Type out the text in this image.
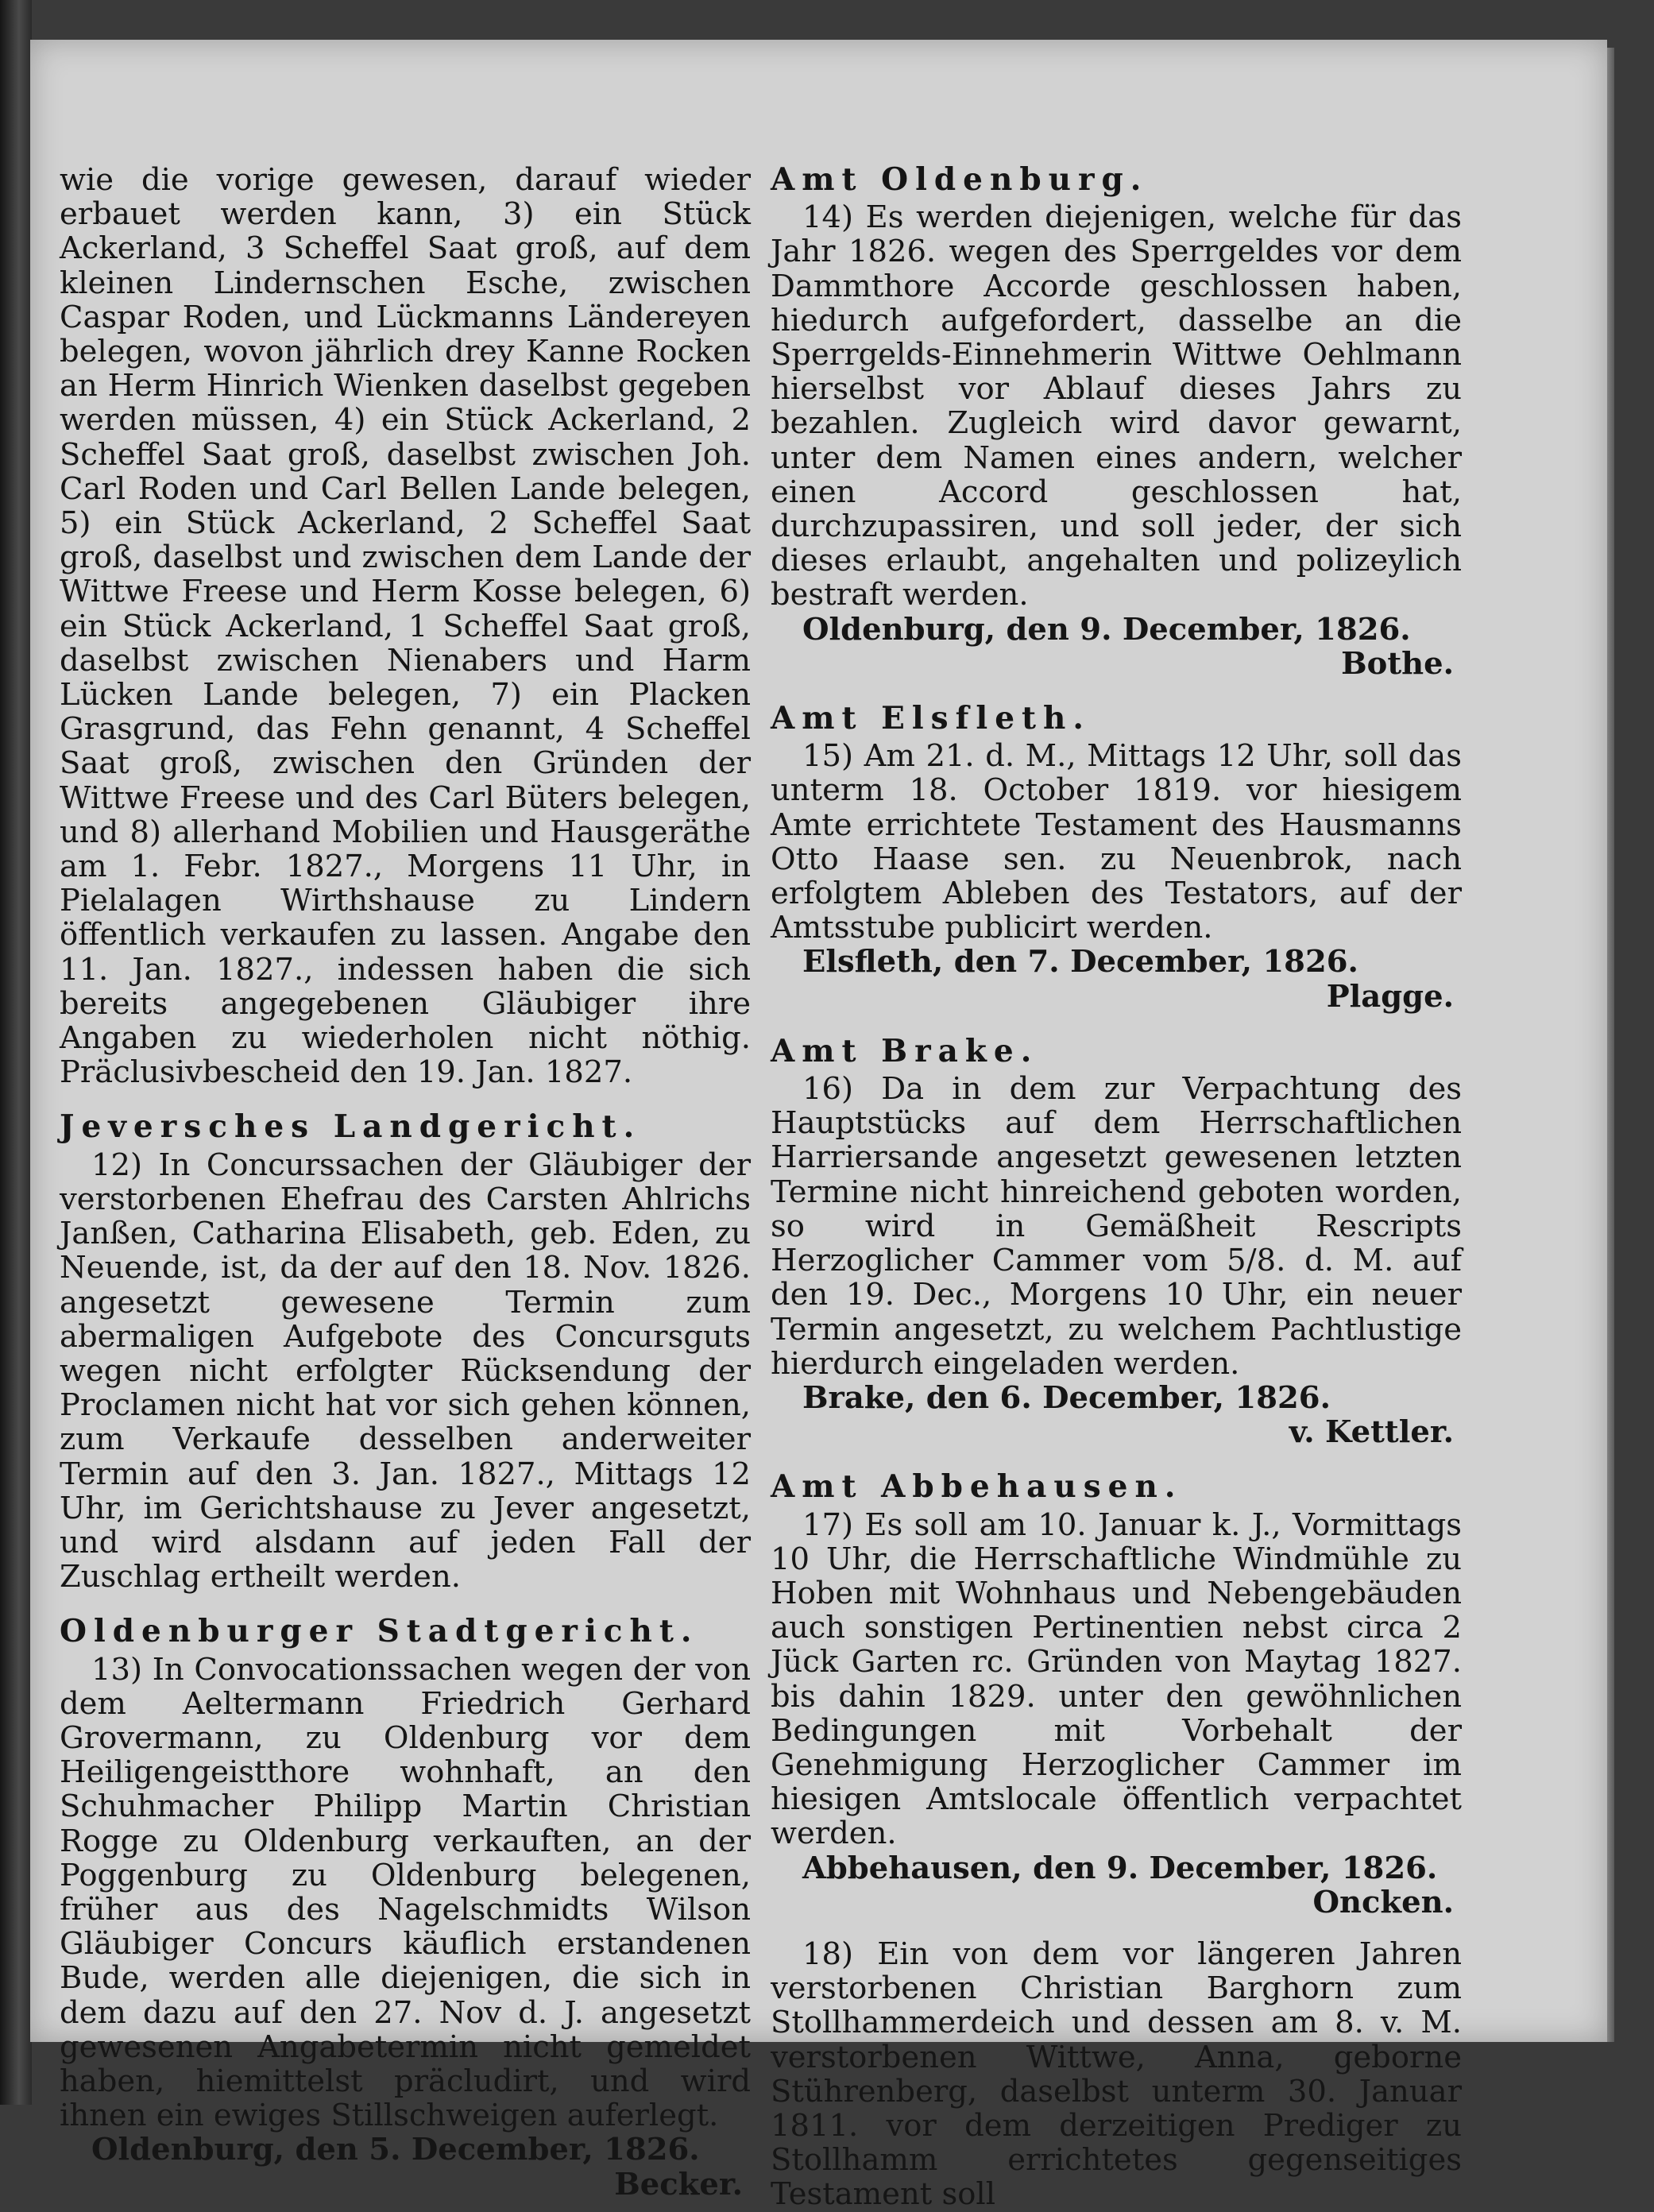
wie die vorige gewesen, darauf wieder erbauet werden kann, 3) ein Stück Ackerland, 3 Scheffel Saat groß, auf dem kleinen Lindernschen Esche, zwischen Caspar Roden, und Lückmanns Ländereyen belegen, wovon jährlich drey Kanne Rocken an Herm Hinrich Wienken daselbst gegeben werden müssen, 4) ein Stück Ackerland, 2 Scheffel Saat groß, daselbst zwischen Joh. Carl Roden und Carl Bellen Lande belegen, 5) ein Stück Ackerland, 2 Scheffel Saat groß, daselbst und zwischen dem Lande der Wittwe Freese und Herm Kosse belegen, 6) ein Stück Ackerland, 1 Scheffel Saat groß, daselbst zwischen Nienabers und Harm Lücken Lande belegen, 7) ein Placken Grasgrund, das Fehn genannt, 4 Scheffel Saat groß, zwischen den Gründen der Wittwe Freese und des Carl Büters belegen, und 8) allerhand Mobilien und Hausgeräthe am 1. Febr. 1827., Morgens 11 Uhr, in Pielalagen Wirthshause zu Lindern öffentlich verkaufen zu lassen. Angabe den 11. Jan. 1827., indessen haben die sich bereits angegebenen Gläubiger ihre Angaben zu wiederholen nicht nöthig. Präclusivbescheid den 19. Jan. 1827.

Jeversches Landgericht.

12) In Concurssachen der Gläubiger der verstorbenen Ehefrau des Carsten Ahlrichs Janßen, Catharina Elisabeth, geb. Eden, zu Neuende, ist, da der auf den 18. Nov. 1826. angesetzt gewesene Termin zum abermaligen Aufgebote des Concursguts wegen nicht erfolgter Rücksendung der Proclamen nicht hat vor sich gehen können, zum Verkaufe desselben anderweiter Termin auf den 3. Jan. 1827., Mittags 12 Uhr, im Gerichtshause zu Jever angesetzt, und wird alsdann auf jeden Fall der Zuschlag ertheilt werden.

Oldenburger Stadtgericht.

13) In Convocationssachen wegen der von dem Aeltermann Friedrich Gerhard Grovermann, zu Oldenburg vor dem Heiligengeistthore wohnhaft, an den Schuhmacher Philipp Martin Christian Rogge zu Oldenburg verkauften, an der Poggenburg zu Oldenburg belegenen, früher aus des Nagelschmidts Wilson Gläubiger Concurs käuflich erstandenen Bude, werden alle diejenigen, die sich in dem dazu auf den 27. Nov d. J. angesetzt gewesenen Angabetermin nicht gemeldet haben, hiemittelst präcludirt, und wird ihnen ein ewiges Stillschweigen auferlegt.

Oldenburg, den 5. December, 1826.

Becker.

Amt Oldenburg.

14) Es werden diejenigen, welche für das Jahr 1826. wegen des Sperrgeldes vor dem Dammthore Accorde geschlossen haben, hiedurch aufgefordert, dasselbe an die Sperrgelds-Einnehmerin Wittwe Oehlmann hierselbst vor Ablauf dieses Jahrs zu bezahlen. Zugleich wird davor gewarnt, unter dem Namen eines andern, welcher einen Accord geschlossen hat, durchzupassiren, und soll jeder, der sich dieses erlaubt, angehalten und polizeylich bestraft werden.

Oldenburg, den 9. December, 1826.

Bothe.

Amt Elsfleth.

15) Am 21. d. M., Mittags 12 Uhr, soll das unterm 18. October 1819. vor hiesigem Amte errichtete Testament des Hausmanns Otto Haase sen. zu Neuenbrok, nach erfolgtem Ableben des Testators, auf der Amtsstube publicirt werden.

Elsfleth, den 7. December, 1826.

Plagge.

Amt Brake.

16) Da in dem zur Verpachtung des Hauptstücks auf dem Herrschaftlichen Harriersande angesetzt gewesenen letzten Termine nicht hinreichend geboten worden, so wird in Gemäßheit Rescripts Herzoglicher Cammer vom 5/8. d. M. auf den 19. Dec., Morgens 10 Uhr, ein neuer Termin angesetzt, zu welchem Pachtlustige hierdurch eingeladen werden.

Brake, den 6. December, 1826.

v. Kettler.

Amt Abbehausen.

17) Es soll am 10. Januar k. J., Vormittags 10 Uhr, die Herrschaftliche Windmühle zu Hoben mit Wohnhaus und Nebengebäuden auch sonstigen Pertinentien nebst circa 2 Jück Garten rc. Gründen von Maytag 1827. bis dahin 1829. unter den gewöhnlichen Bedingungen mit Vorbehalt der Genehmigung Herzoglicher Cammer im hiesigen Amtslocale öffentlich verpachtet werden.

Abbehausen, den 9. December, 1826.

Oncken.

18) Ein von dem vor längeren Jahren verstorbenen Christian Barghorn zum Stollhammerdeich und dessen am 8. v. M. verstorbenen Wittwe, Anna, geborne Stührenberg, daselbst unterm 30. Januar 1811. vor dem derzeitigen Prediger zu Stollhamm errichtetes gegenseitiges Testament soll
